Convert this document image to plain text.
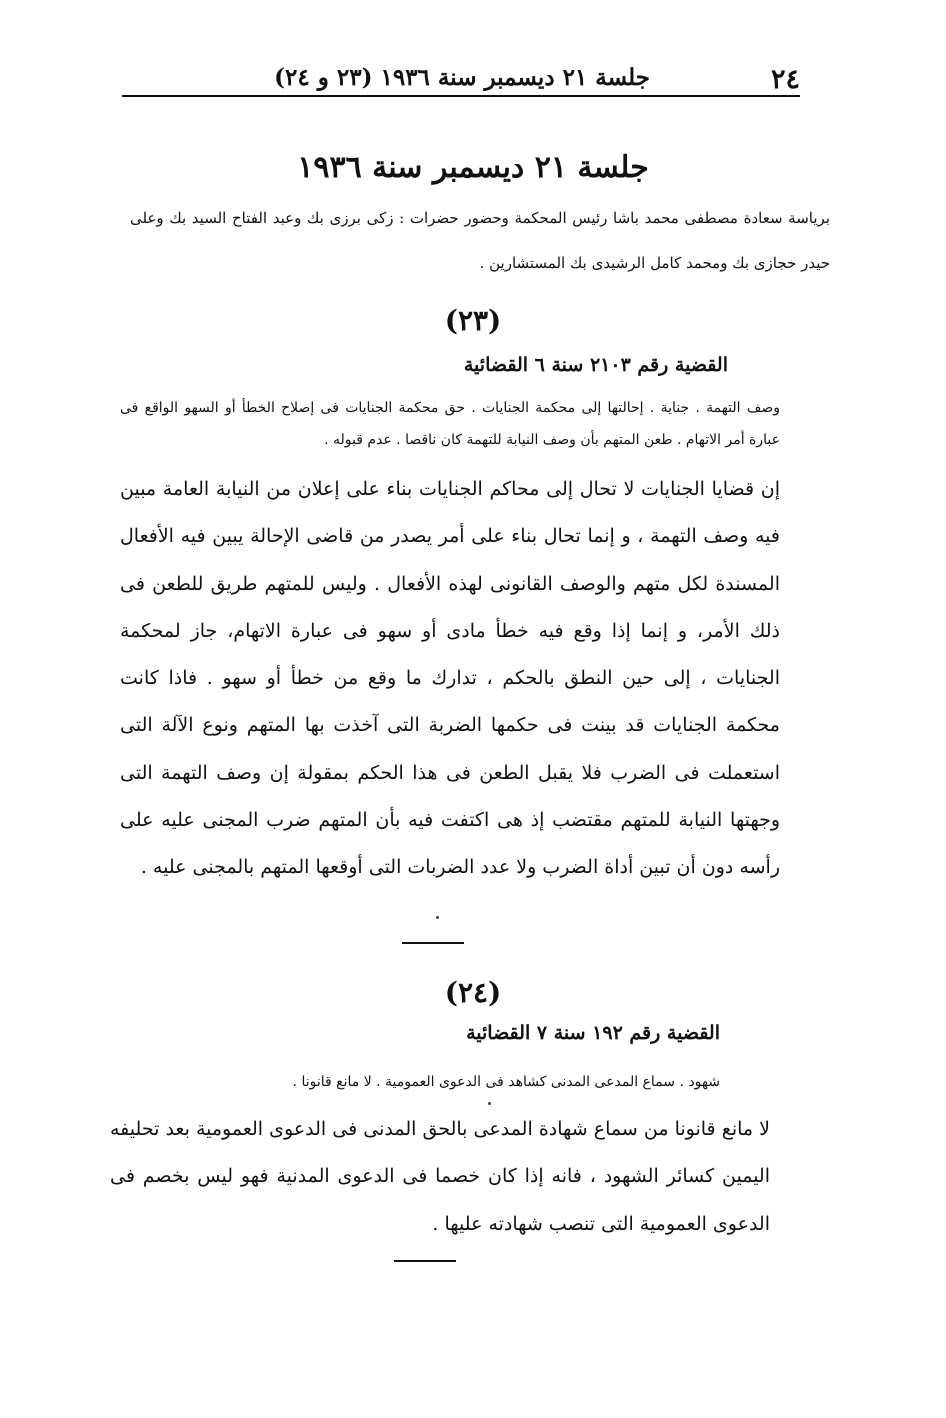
٢٤
جلسة ٢١ ديسمبر سنة ١٩٣٦ (٢٣ و ٢٤)
جلسة ٢١ ديسمبر سنة ١٩٣٦
برياسة سعادة مصطفى محمد باشا رئيس المحكمة وحضور حضرات : زكى برزى بك وعبد الفتاح السيد بك وعلى حيدر حجازى بك ومحمد كامل الرشيدى بك المستشارين .
(٢٣)
القضية رقم ٢١٠٣ سنة ٦ القضائية
وصف التهمة . جناية . إحالتها إلى محكمة الجنايات . حق محكمة الجنايات فى إصلاح الخطأ أو السهو الواقع فى عبارة أمر الاتهام . طعن المتهم بأن وصف النيابة للتهمة كان ناقصا . عدم قبوله .
إن قضايا الجنايات لا تحال إلى محاكم الجنايات بناء على إعلان من النيابة العامة مبين فيه وصف التهمة ، و إنما تحال بناء على أمر يصدر من قاضى الإحالة يبين فيه الأفعال المسندة لكل متهم والوصف القانونى لهذه الأفعال . وليس للمتهم طريق للطعن فى ذلك الأمر، و إنما إذا وقع فيه خطأ مادى أو سهو فى عبارة الاتهام، جاز لمحكمة الجنايات ، إلى حين النطق بالحكم ، تدارك ما وقع من خطأ أو سهو . فاذا كانت محكمة الجنايات قد بينت فى حكمها الضربة التى آخذت بها المتهم ونوع الآلة التى استعملت فى الضرب فلا يقبل الطعن فى هذا الحكم بمقولة إن وصف التهمة التى وجهتها النيابة للمتهم مقتضب إذ هى اكتفت فيه بأن المتهم ضرب المجنى عليه على رأسه دون أن تبين أداة الضرب ولا عدد الضربات التى أوقعها المتهم بالمجنى عليه .
(٢٤)
القضية رقم ١٩٢ سنة ٧ القضائية
شهود . سماع المدعى المدنى كشاهد فى الدعوى العمومية . لا مانع قانونا .
لا مانع قانونا من سماع شهادة المدعى بالحق المدنى فى الدعوى العمومية بعد تحليفه اليمين كسائر الشهود ، فانه إذا كان خصما فى الدعوى المدنية فهو ليس بخصم فى الدعوى العمومية التى تنصب شهادته عليها .
